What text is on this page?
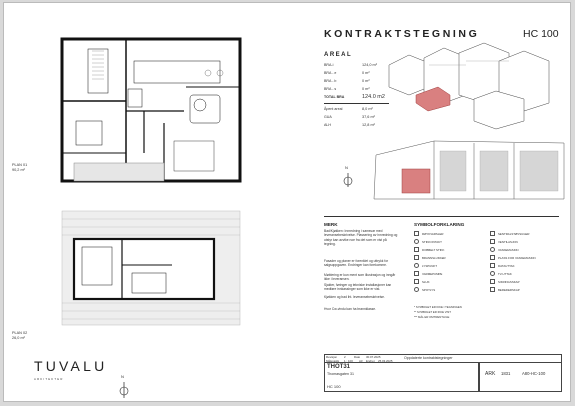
N
N
PLAN 01
90,2 m²
PLAN 02
26,0 m²
TUVALU
ARKITEKTER
KONTRAKTSTEGNING	HC 100
AREAL
BRA-i	124,0 m²
BRA - e	0 m²
BRA - b	0 m²
BRA - s	0 m²
TOTAL BRA	124.0 m2
Åpent areal	8,0 m²
GUA	37,6 m²
ALH	12,8 m²
MERK
Bad/Kjøkken: Innredning i samsvar med leveransebeskrivelse. Plassering av innredning og utstyr kan avvike noe fra det som er vist på tegning.
Fasader og planer er forenklet og uttrykk for salgsoppgaven. Endringer kan forekomme.
Møblering er kun ment som illustrasjon og inngår ikke i leveransen.
Sjakter, føringer og tekniske installasjoner kan medføre innkassinger som ikke er vist.
Kjøkken og bad iht. leveransebeskrivelse.
Hvor Cw-vindu kan ha brannklasse.
SYMBOLFORKLARING
RØYKVARSLER
STIKKONTAKT
DOBBELT STIKK
BRANNSLUKKER
LYSPUNKT
VARMEPUMPE
SLUK
SPOTLYS
SENTRALSTØVSUGER
VENTILASJON
VASKEMASKIN
PLASS FOR VASKEMASKIN
DATAUTTAK
TV-UTTAK
SIKRINGSSKAP
BEREDERSKAP
* SYMBOLET ER IKKE I TEGNINGEN
** SYMBOLET ER IKKE VIST
*** MÅL ER OMTRENTLIGE
Revisjon 2	Dato 30.07.2025
Målestokk 1 : 100 A3 Endret 25.03.2025
Oppdaterte kontraktstegninger
THOT31
Thomasgaten 31
HC 100
ARK 1831	A80-HC-100
